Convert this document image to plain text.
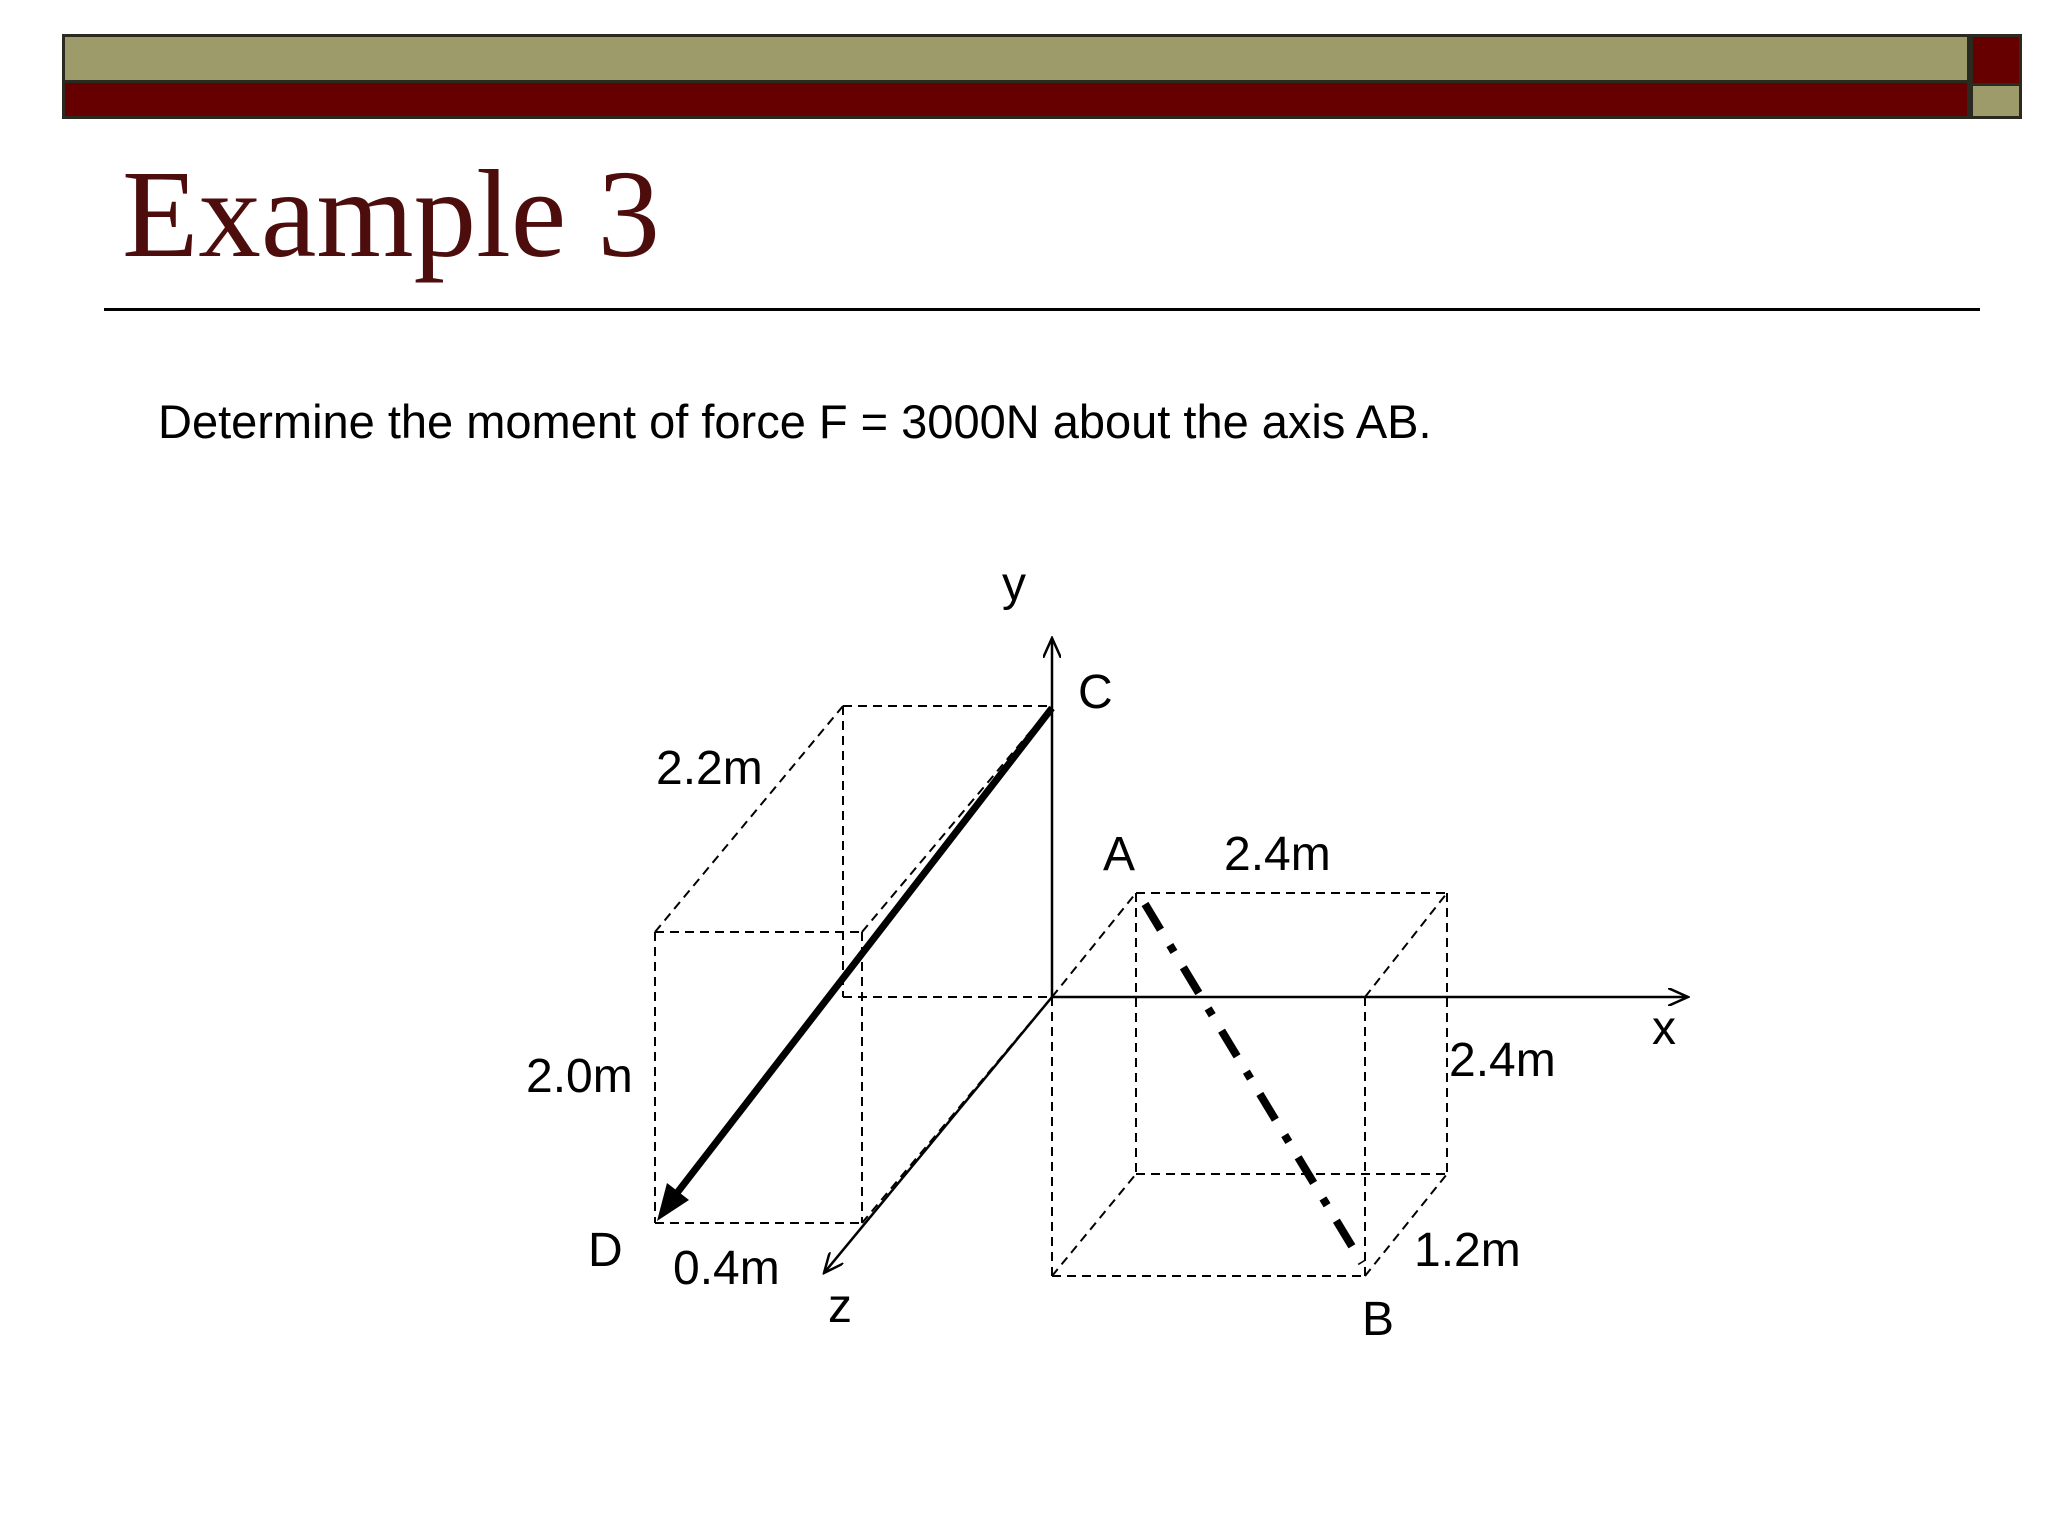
Example 3

Determine the moment of force F = 3000N about the axis AB.

y
x
z
C
A
B
D
2.2m
2.0m
0.4m
2.4m
2.4m
1.2m
